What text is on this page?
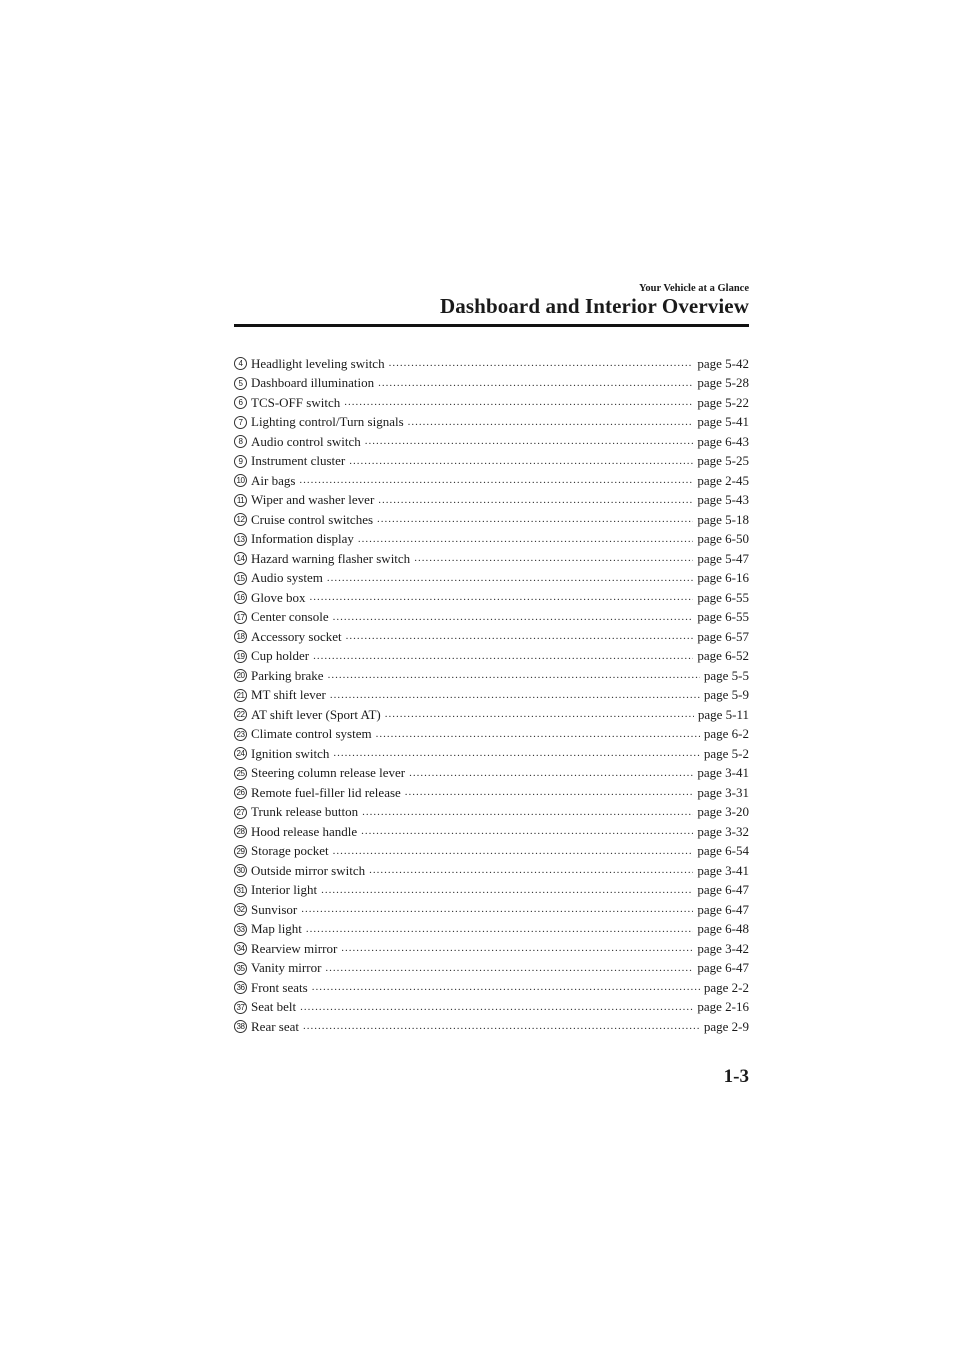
Your Vehicle at a Glance
Dashboard and Interior Overview
4 Headlight leveling switch .....	page 5-42
5 Dashboard illumination .....	page 5-28
6 TCS-OFF switch .....	page 5-22
7 Lighting control/Turn signals .....	page 5-41
8 Audio control switch .....	page 6-43
9 Instrument cluster .....	page 5-25
10 Air bags .....	page 2-45
11 Wiper and washer lever .....	page 5-43
12 Cruise control switches .....	page 5-18
13 Information display .....	page 6-50
14 Hazard warning flasher switch .....	page 5-47
15 Audio system .....	page 6-16
16 Glove box .....	page 6-55
17 Center console .....	page 6-55
18 Accessory socket .....	page 6-57
19 Cup holder .....	page 6-52
20 Parking brake .....	page 5-5
21 MT shift lever .....	page 5-9
22 AT shift lever (Sport AT) .....	page 5-11
23 Climate control system .....	page 6-2
24 Ignition switch .....	page 5-2
25 Steering column release lever .....	page 3-41
26 Remote fuel-filler lid release .....	page 3-31
27 Trunk release button .....	page 3-20
28 Hood release handle .....	page 3-32
29 Storage pocket .....	page 6-54
30 Outside mirror switch .....	page 3-41
31 Interior light .....	page 6-47
32 Sunvisor .....	page 6-47
33 Map light .....	page 6-48
34 Rearview mirror .....	page 3-42
35 Vanity mirror .....	page 6-47
36 Front seats .....	page 2-2
37 Seat belt .....	page 2-16
38 Rear seat .....	page 2-9
1-3
